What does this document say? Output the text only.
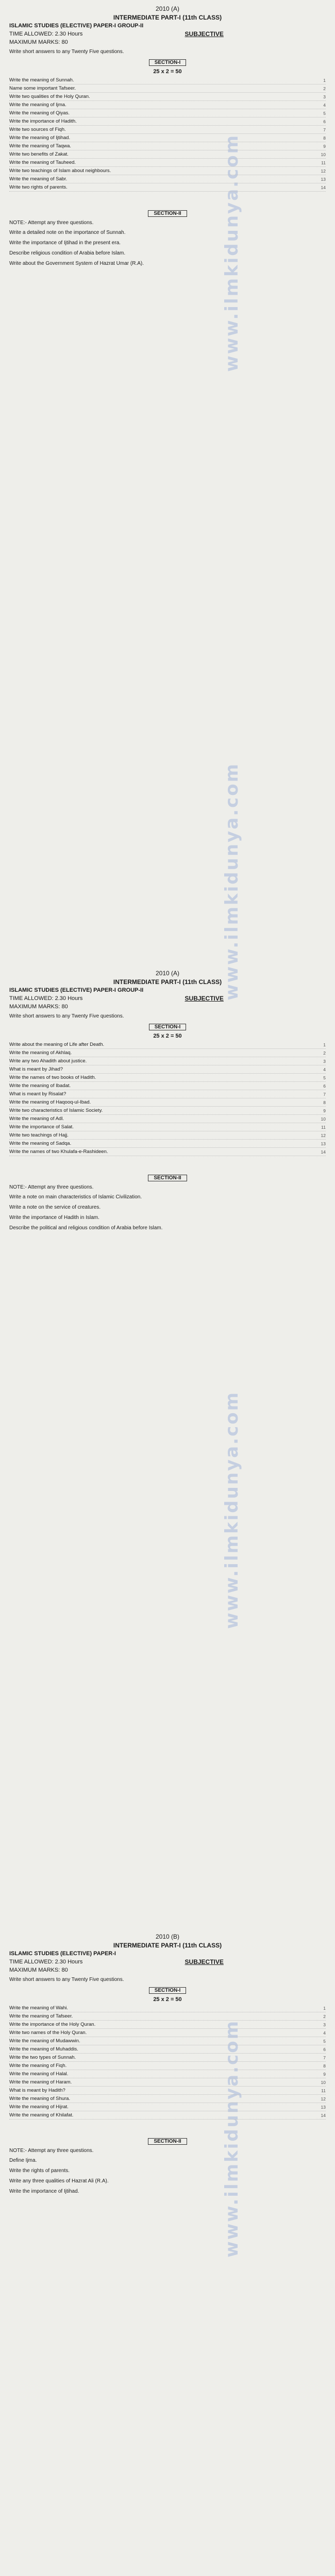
www.ilmkidunya.com
www.ilmkidunya.com
www.ilmkidunya.com
www.ilmkidunya.com
2010 (A)
INTERMEDIATE PART-I (11th CLASS)
ISLAMIC STUDIES (ELECTIVE) PAPER-I GROUP-II
TIME ALLOWED: 2.30 Hours	SUBJECTIVE
MAXIMUM MARKS: 80
Write short answers to any Twenty Five questions.
SECTION-I
25 x 2 = 50
Write the meaning of Sunnah.	1
Name some important Tafseer.	2
Write two qualities of the Holy Quran.	3
Write the meaning of Ijma.	4
Write the meaning of Qiyas.	5
Write the importance of Hadith.	6
Write two sources of Fiqh.	7
Write the meaning of Ijtihad.	8
Write the meaning of Taqwa.	9
Write two benefits of Zakat.	10
Write the meaning of Tauheed.	11
Write two teachings of Islam about neighbours.	12
Write the meaning of Sabr.	13
Write two rights of parents.	14
SECTION-II
NOTE:- Attempt any three questions.
Write a detailed note on the importance of Sunnah.
Write the importance of Ijtihad in the present era.
Describe religious condition of Arabia before Islam.
Write about the Government System of Hazrat Umar (R.A).
2010 (A)
INTERMEDIATE PART-I (11th CLASS)
ISLAMIC STUDIES (ELECTIVE) PAPER-I GROUP-II
TIME ALLOWED: 2.30 Hours	SUBJECTIVE
MAXIMUM MARKS: 80
Write short answers to any Twenty Five questions.
SECTION-I
25 x 2 = 50
Write about the meaning of Life after Death.	1
Write the meaning of Akhlaq.	2
Write any two Ahadith about justice.	3
What is meant by Jihad?	4
Write the names of two books of Hadith.	5
Write the meaning of Ibadat.	6
What is meant by Risalat?	7
Write the meaning of Haqooq-ul-Ibad.	8
Write two characteristics of Islamic Society.	9
Write the meaning of Adl.	10
Write the importance of Salat.	11
Write two teachings of Hajj.	12
Write the meaning of Sadqa.	13
Write the names of two Khulafa-e-Rashideen.	14
SECTION-II
NOTE:- Attempt any three questions.
Write a note on main characteristics of Islamic Civilization.
Write a note on the service of creatures.
Write the importance of Hadith in Islam.
Describe the political and religious condition of Arabia before Islam.
2010 (B)
INTERMEDIATE PART-I (11th CLASS)
ISLAMIC STUDIES (ELECTIVE) PAPER-I
TIME ALLOWED: 2.30 Hours	SUBJECTIVE
MAXIMUM MARKS: 80
Write short answers to any Twenty Five questions.
SECTION-I
25 x 2 = 50
Write the meaning of Wahi.	1
Write the meaning of Tafseer.	2
Write the importance of the Holy Quran.	3
Write two names of the Holy Quran.	4
Write the meaning of Mudawwin.	5
Write the meaning of Muhaddis.	6
Write the two types of Sunnah.	7
Write the meaning of Fiqh.	8
Write the meaning of Halal.	9
Write the meaning of Haram.	10
What is meant by Hadith?	11
Write the meaning of Shura.	12
Write the meaning of Hijrat.	13
Write the meaning of Khilafat.	14
SECTION-II
NOTE:- Attempt any three questions.
Define Ijma.
Write the rights of parents.
Write any three qualities of Hazrat Ali (R.A).
Write the importance of Ijtihad.
